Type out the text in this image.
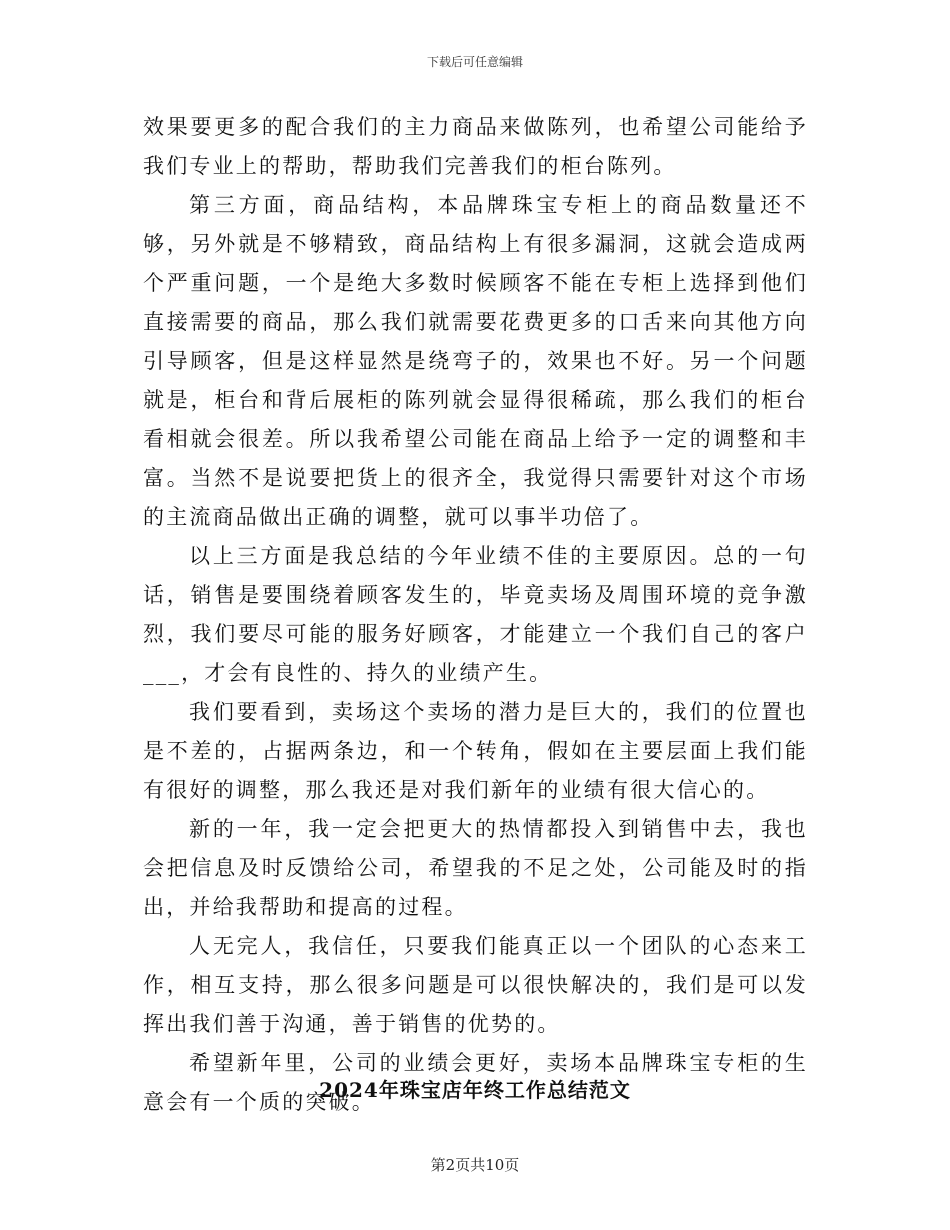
下载后可任意编辑

效果要更多的配合我们的主力商品来做陈列，也希望公司能给予我们专业上的帮助，帮助我们完善我们的柜台陈列。

第三方面，商品结构，本品牌珠宝专柜上的商品数量还不够，另外就是不够精致，商品结构上有很多漏洞，这就会造成两个严重问题，一个是绝大多数时候顾客不能在专柜上选择到他们直接需要的商品，那么我们就需要花费更多的口舌来向其他方向引导顾客，但是这样显然是绕弯子的，效果也不好。另一个问题就是，柜台和背后展柜的陈列就会显得很稀疏，那么我们的柜台看相就会很差。所以我希望公司能在商品上给予一定的调整和丰富。当然不是说要把货上的很齐全，我觉得只需要针对这个市场的主流商品做出正确的调整，就可以事半功倍了。

以上三方面是我总结的今年业绩不佳的主要原因。总的一句话，销售是要围绕着顾客发生的，毕竟卖场及周围环境的竞争激烈，我们要尽可能的服务好顾客，才能建立一个我们自己的客户___，才会有良性的、持久的业绩产生。

我们要看到，卖场这个卖场的潜力是巨大的，我们的位置也是不差的，占据两条边，和一个转角，假如在主要层面上我们能有很好的调整，那么我还是对我们新年的业绩有很大信心的。

新的一年，我一定会把更大的热情都投入到销售中去，我也会把信息及时反馈给公司，希望我的不足之处，公司能及时的指出，并给我帮助和提高的过程。

人无完人，我信任，只要我们能真正以一个团队的心态来工作，相互支持，那么很多问题是可以很快解决的，我们是可以发挥出我们善于沟通，善于销售的优势的。

希望新年里，公司的业绩会更好，卖场本品牌珠宝专柜的生意会有一个质的突破。

2024年珠宝店年终工作总结范文
第2页共10页
